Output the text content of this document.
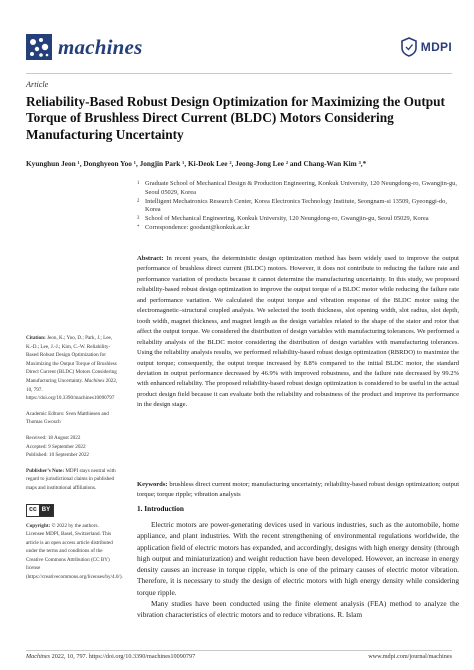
machines	MDPI
Article
Reliability-Based Robust Design Optimization for Maximizing the Output Torque of Brushless Direct Current (BLDC) Motors Considering Manufacturing Uncertainty
Kyunghun Jeon ¹, Donghyeon Yoo ¹, Jongjin Park ¹, Ki-Deok Lee ², Jeong-Jong Lee ² and Chang-Wan Kim ³,*
1 Graduate School of Mechanical Design & Production Engineering, Konkuk University, 120 Neungdong-ro, Gwangjin-gu, Seoul 05029, Korea
2 Intelligent Mechatronics Research Center, Korea Electronics Technology Institute, Seongnam-si 13509, Gyeonggi-do, Korea
3 School of Mechanical Engineering, Konkuk University, 120 Neungdong-ro, Gwangjin-gu, Seoul 05029, Korea
* Correspondence: goodant@konkuk.ac.kr
Abstract: In recent years, the deterministic design optimization method has been widely used to improve the output performance of brushless direct current (BLDC) motors. However, it does not contribute to reducing the failure rate and performance variation of products because it cannot determine the manufacturing uncertainty. In this study, we proposed reliability-based robust design optimization to improve the output torque of a BLDC motor while reducing the failure rate and performance variation. We calculated the output torque and vibration response of the BLDC motor using the electromagnetic–structural coupled analysis. We selected the tooth thickness, slot opening width, slot radius, slot depth, tooth width, magnet thickness, and magnet length as the design variables related to the shape of the stator and rotor that affect the output torque. We considered the distribution of design variables with manufacturing tolerances. We performed a reliability analysis of the BLDC motor considering the distribution of design variables with manufacturing tolerances. Using the reliability analysis results, we performed reliability-based robust design optimization (RBRDO) to maximize the output torque; consequently, the output torque increased by 8.8% compared to the initial BLDC motor, the standard deviation in output performance decreased by 46.9% with improved robustness, and the failure rate decreased by 99.2% with enhanced reliability. The proposed reliability-based robust design optimization is considered to be useful in the actual product design field because it can evaluate both the reliability and robustness of the product and improve its performance in the design stage.
Keywords: brushless direct current motor; manufacturing uncertainty; reliability-based robust design optimization; output torque; torque ripple; vibration analysis
Citation: Jeon, K.; Yoo, D.; Park, J.; Lee, K.-D.; Lee, J.-J.; Kim, C.-W. Reliability-Based Robust Design Optimization for Maximizing the Output Torque of Brushless Direct Current (BLDC) Motors Considering Manufacturing Uncertainty. Machines 2022, 10, 797. https://doi.org/10.3390/machines10090797
Academic Editors: Sven Matthiesen and Thomas Gwosch
Received: 18 August 2022
Accepted: 9 September 2022
Published: 10 September 2022
Publisher’s Note: MDPI stays neutral with regard to jurisdictional claims in published maps and institutional affiliations.
cc BY
Copyright: © 2022 by the authors. Licensee MDPI, Basel, Switzerland. This article is an open access article distributed under the terms and conditions of the Creative Commons Attribution (CC BY) license (https://creativecommons.org/licenses/by/4.0/).
1. Introduction

Electric motors are power-generating devices used in various industries, such as the automobile, home appliance, and plant industries. With the recent strengthening of environmental regulations worldwide, the application field of electric motors has expanded, and accordingly, designs with high energy density (through high output and miniaturization) and weight reduction have been developed. However, an increase in energy density causes an increase in torque ripple, which is one of the primary causes of electric motor vibration. Therefore, it is necessary to study the design of electric motors with high energy density while considering torque ripple.

Many studies have been conducted using the finite element analysis (FEA) method to analyze the vibration characteristics of electric motors and to reduce vibrations. R. Islam

Machines 2022, 10, 797. https://doi.org/10.3390/machines10090797	www.mdpi.com/journal/machines
